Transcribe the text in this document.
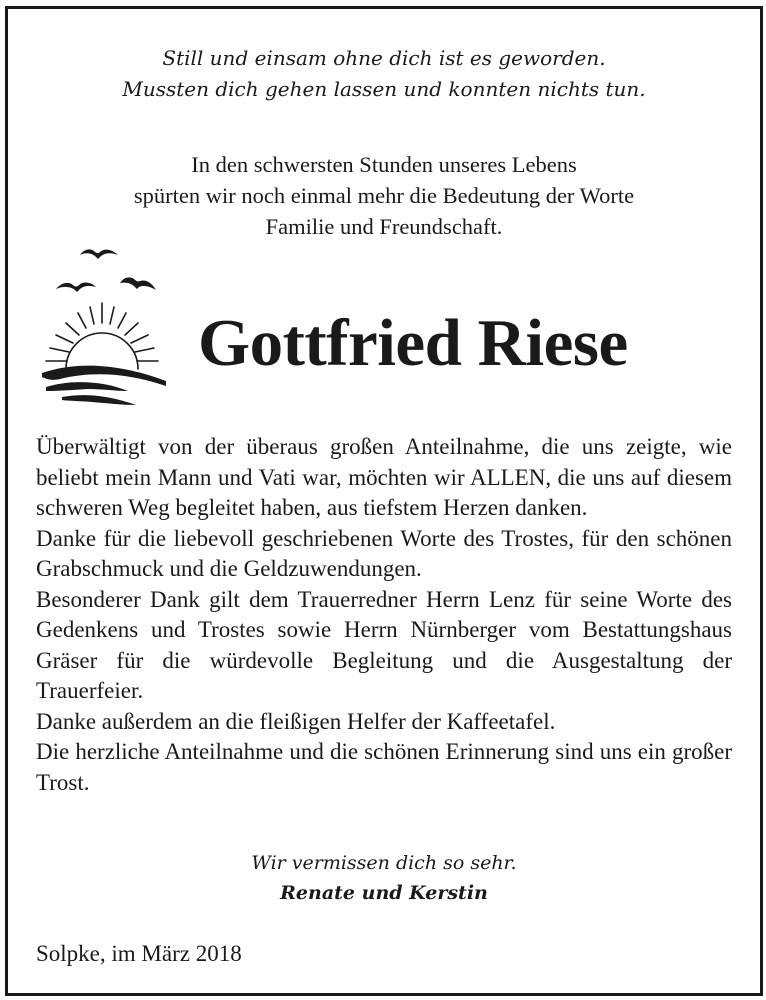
Still und einsam ohne dich ist es geworden.
Mussten dich gehen lassen und konnten nichts tun.
In den schwersten Stunden unseres Lebens
spürten wir noch einmal mehr die Bedeutung der Worte
Familie und Freundschaft.
Gottfried Riese
Überwältigt von der überaus großen Anteilnahme, die uns zeigte, wie beliebt mein Mann und Vati war, möchten wir ALLEN, die uns auf diesem schweren Weg begleitet haben, aus tiefstem Herzen danken.
Danke für die liebevoll geschriebenen Worte des Trostes, für den schönen Grabschmuck und die Geldzuwendungen.
Besonderer Dank gilt dem Trauerredner Herrn Lenz für seine Worte des Gedenkens und Trostes sowie Herrn Nürnberger vom Bestattungshaus Gräser für die würdevolle Begleitung und die Ausgestaltung der Trauerfeier.
Danke außerdem an die fleißigen Helfer der Kaffeetafel.
Die herzliche Anteilnahme und die schönen Erinnerung sind uns ein großer Trost.
Wir vermissen dich so sehr.
Renate und Kerstin
Solpke, im März 2018
